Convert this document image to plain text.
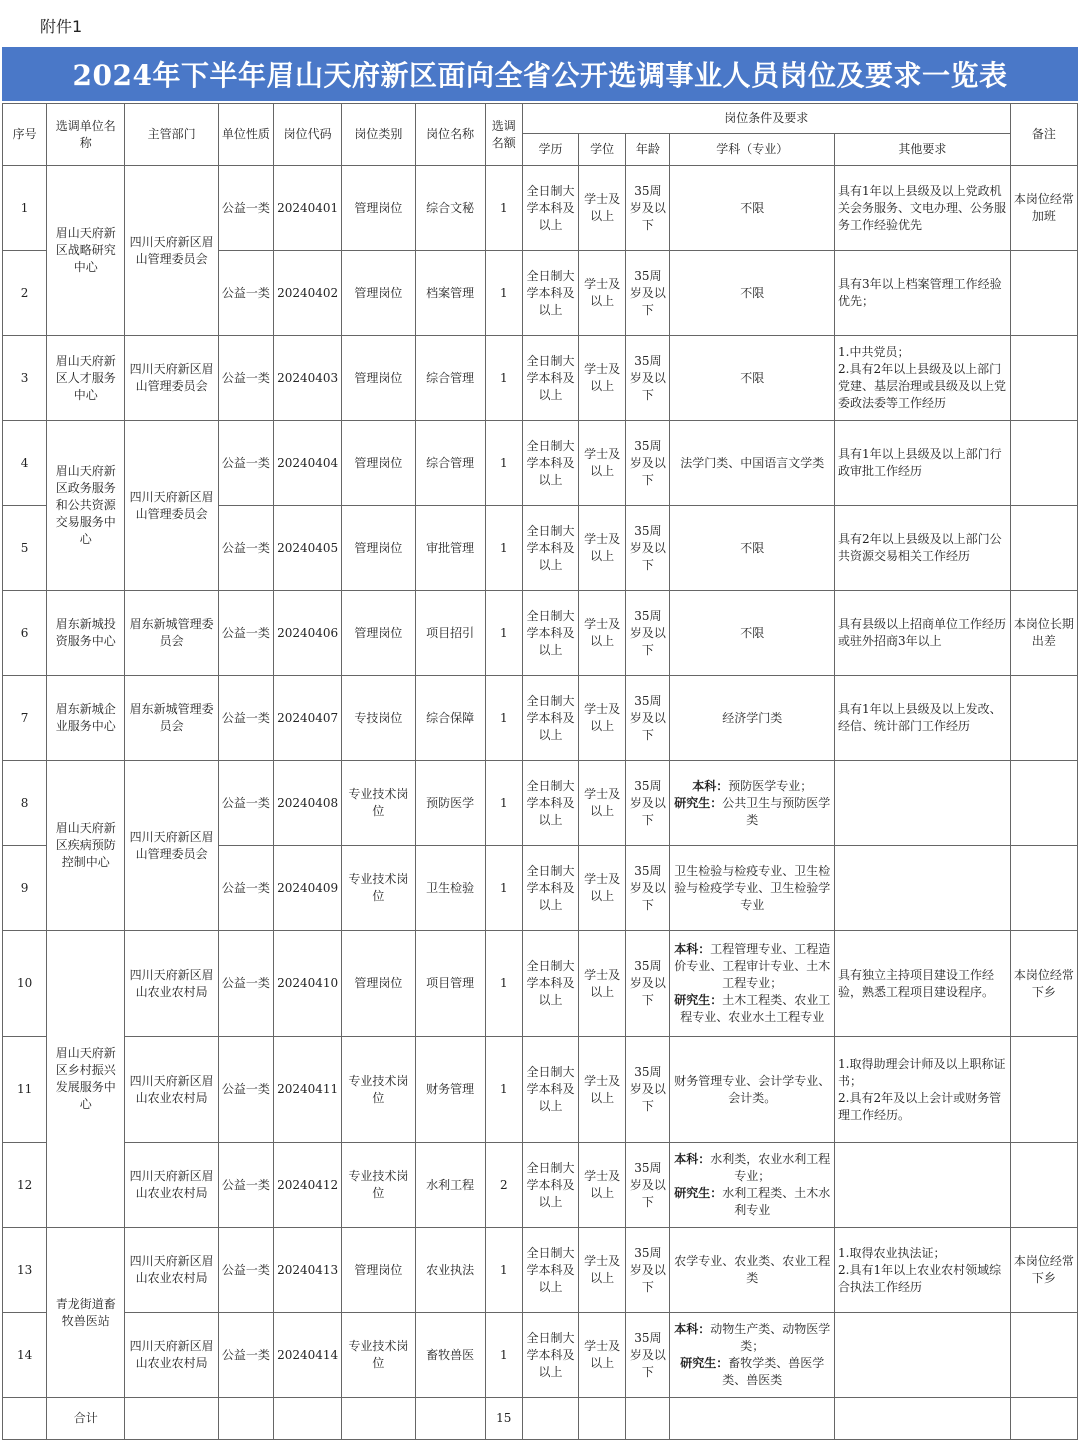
附件1
2024年下半年眉山天府新区面向全省公开选调事业人员岗位及要求一览表
序号	选调单位名称	主管部门	单位性质	岗位代码	岗位类别	岗位名称	选调名额	岗位条件及要求					备注
								学历	学位	年龄	学科（专业）	其他要求	
1	眉山天府新区战略研究中心	四川天府新区眉山管理委员会	公益一类	20240401	管理岗位	综合文秘	1	全日制大学本科及以上	学士及以上	35周岁及以下	不限	具有1年以上县级及以上党政机关会务服务、文电办理、公务服务工作经验优先	本岗位经常加班
2			公益一类	20240402	管理岗位	档案管理	1	全日制大学本科及以上	学士及以上	35周岁及以下	不限	具有3年以上档案管理工作经验优先；	
3	眉山天府新区人才服务中心	四川天府新区眉山管理委员会	公益一类	20240403	管理岗位	综合管理	1	全日制大学本科及以上	学士及以上	35周岁及以下	不限	1.中共党员；
2.具有2年以上县级及以上部门党建、基层治理或县级及以上党委政法委等工作经历	
4	眉山天府新区政务服务和公共资源交易服务中心	四川天府新区眉山管理委员会	公益一类	20240404	管理岗位	综合管理	1	全日制大学本科及以上	学士及以上	35周岁及以下	法学门类、中国语言文学类	具有1年以上县级及以上部门行政审批工作经历	
5			公益一类	20240405	管理岗位	审批管理	1	全日制大学本科及以上	学士及以上	35周岁及以下	不限	具有2年以上县级及以上部门公共资源交易相关工作经历	
6	眉东新城投资服务中心	眉东新城管理委员会	公益一类	20240406	管理岗位	项目招引	1	全日制大学本科及以上	学士及以上	35周岁及以下	不限	具有县级以上招商单位工作经历或驻外招商3年以上	本岗位长期出差
7	眉东新城企业服务中心	眉东新城管理委员会	公益一类	20240407	专技岗位	综合保障	1	全日制大学本科及以上	学士及以上	35周岁及以下	经济学门类	具有1年以上县级及以上发改、经信、统计部门工作经历	
8	眉山天府新区疾病预防控制中心	四川天府新区眉山管理委员会	公益一类	20240408	专业技术岗位	预防医学	1	全日制大学本科及以上	学士及以上	35周岁及以下	本科：预防医学专业；
研究生：公共卫生与预防医学类		
9			公益一类	20240409	专业技术岗位	卫生检验	1	全日制大学本科及以上	学士及以上	35周岁及以下	卫生检验与检疫专业、卫生检验与检疫学专业、卫生检验学专业		
10	眉山天府新区乡村振兴发展服务中心	四川天府新区眉山农业农村局	公益一类	20240410	管理岗位	项目管理	1	全日制大学本科及以上	学士及以上	35周岁及以下	本科：工程管理专业、工程造价专业、工程审计专业、土木工程专业；
研究生：土木工程类、农业工程专业、农业水土工程专业	具有独立主持项目建设工作经验，熟悉工程项目建设程序。	本岗位经常下乡
11		四川天府新区眉山农业农村局	公益一类	20240411	专业技术岗位	财务管理	1	全日制大学本科及以上	学士及以上	35周岁及以下	财务管理专业、会计学专业、会计类。	1.取得助理会计师及以上职称证书；
2.具有2年及以上会计或财务管理工作经历。	
12		四川天府新区眉山农业农村局	公益一类	20240412	专业技术岗位	水利工程	2	全日制大学本科及以上	学士及以上	35周岁及以下	本科：水利类，农业水利工程专业；
研究生：水利工程类、土木水利专业		
13	青龙街道畜牧兽医站	四川天府新区眉山农业农村局	公益一类	20240413	管理岗位	农业执法	1	全日制大学本科及以上	学士及以上	35周岁及以下	农学专业、农业类、农业工程类	1.取得农业执法证；
2.具有1年以上农业农村领域综合执法工作经历	本岗位经常下乡
14		四川天府新区眉山农业农村局	公益一类	20240414	专业技术岗位	畜牧兽医	1	全日制大学本科及以上	学士及以上	35周岁及以下	本科：动物生产类、动物医学类；
研究生：畜牧学类、兽医学类、兽医类		
	合计						15						
